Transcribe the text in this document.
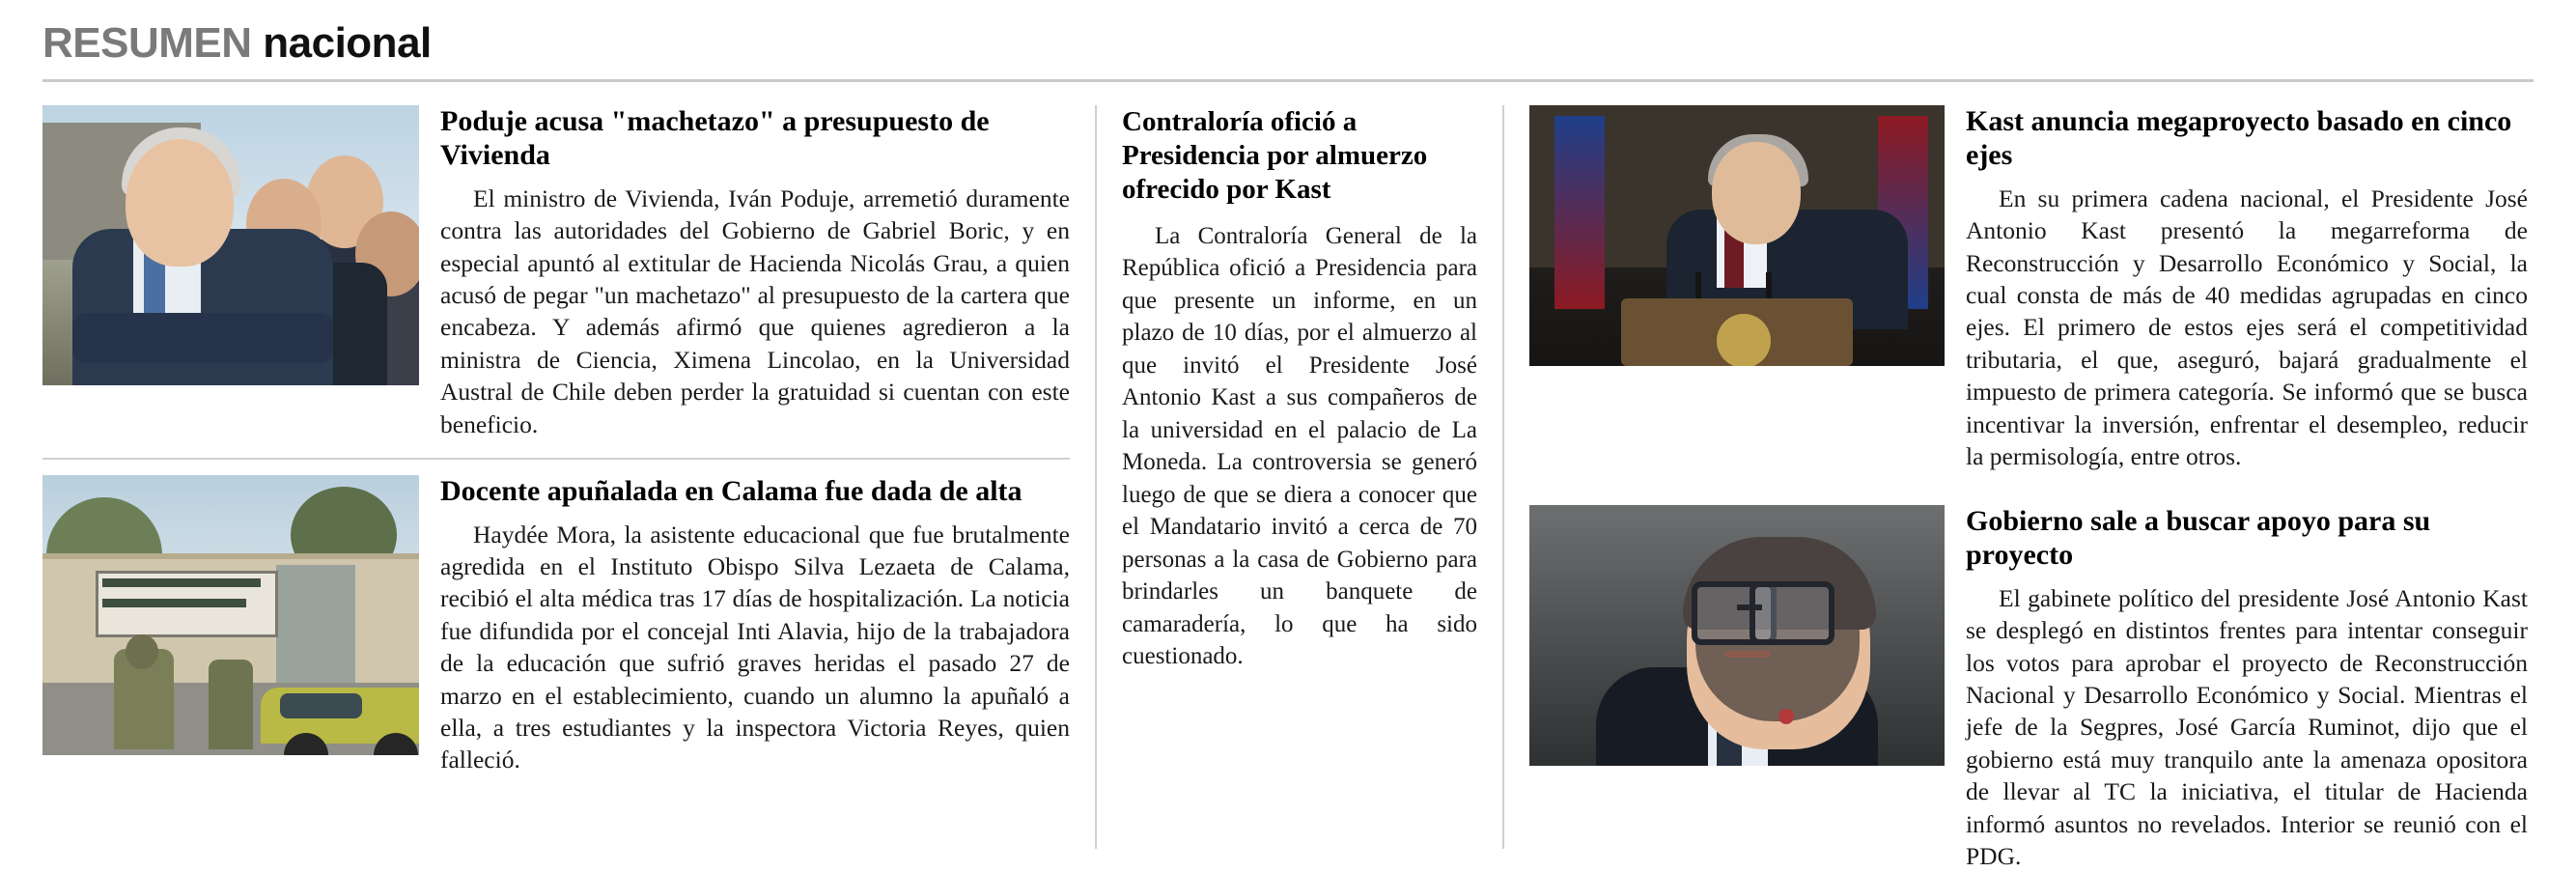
RESUMEN nacional
Poduje acusa "machetazo" a presupuesto de Vivienda

El ministro de Vivienda, Iván Poduje, arremetió duramente contra las autoridades del Gobierno de Gabriel Boric, y en especial apuntó al extitular de Hacienda Nicolás Grau, a quien acusó de pegar "un machetazo" al presupuesto de la cartera que encabeza. Y además afirmó que quienes agredieron a la ministra de Ciencia, Ximena Lincolao, en la Universidad Austral de Chile deben perder la gratuidad si cuentan con este beneficio.

Docente apuñalada en Calama fue dada de alta

Haydée Mora, la asistente educacional que fue brutalmente agredida en el Instituto Obispo Silva Lezaeta de Calama, recibió el alta médica tras 17 días de hospitalización. La noticia fue difundida por el concejal Inti Alavia, hijo de la trabajadora de la educación que sufrió graves heridas el pasado 27 de marzo en el establecimiento, cuando un alumno la apuñaló a ella, a tres estudiantes y la inspectora Victoria Reyes, quien falleció.

Contraloría ofició a Presidencia por almuerzo ofrecido por Kast

La Contraloría General de la República ofició a Presidencia para que presente un informe, en un plazo de 10 días, por el almuerzo al que invitó el Presidente José Antonio Kast a sus compañeros de la universidad en el palacio de La Moneda. La controversia se generó luego de que se diera a conocer que el Mandatario invitó a cerca de 70 personas a la casa de Gobierno para brindarles un banquete de camaradería, lo que ha sido cuestionado.

Kast anuncia megaproyecto basado en cinco ejes

En su primera cadena nacional, el Presidente José Antonio Kast presentó la megarreforma de Reconstrucción y Desarrollo Económico y Social, la cual consta de más de 40 medidas agrupadas en cinco ejes. El primero de estos ejes será el competitividad tributaria, el que, aseguró, bajará gradualmente el impuesto de primera categoría. Se informó que se busca incentivar la inversión, enfrentar el desempleo, reducir la permisología, entre otros.

Gobierno sale a buscar apoyo para su proyecto

El gabinete político del presidente José Antonio Kast se desplegó en distintos frentes para intentar conseguir los votos para aprobar el proyecto de Reconstrucción Nacional y Desarrollo Económico y Social. Mientras el jefe de la Segpres, José García Ruminot, dijo que el gobierno está muy tranquilo ante la amenaza opositora de llevar al TC la iniciativa, el titular de Hacienda informó asuntos no revelados. Interior se reunió con el PDG.
